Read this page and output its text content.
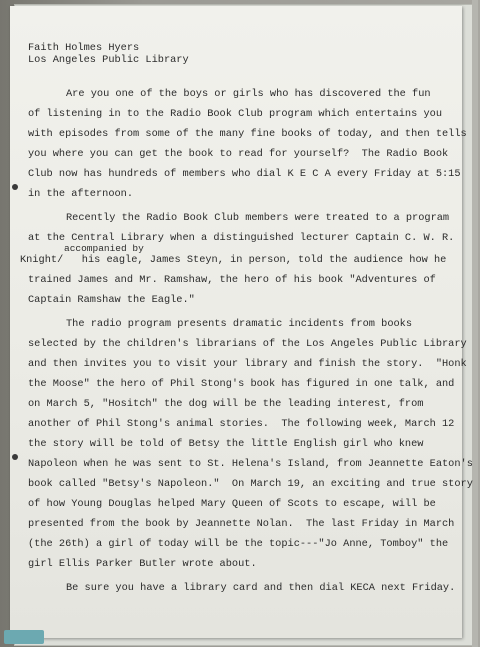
Faith Holmes Hyers
Los Angeles Public Library
Are you one of the boys or girls who has discovered the fun
of listening in to the Radio Book Club program which entertains you
with episodes from some of the many fine books of today, and then tells
you where you can get the book to read for yourself?  The Radio Book
Club now has hundreds of members who dial K E C A every Friday at 5:15
in the afternoon.
Recently the Radio Book Club members were treated to a program
at the Central Library when a distinguished lecturer Captain C. W. R.
accompanied by
Knight/   his eagle, James Steyn, in person, told the audience how he
trained James and Mr. Ramshaw, the hero of his book "Adventures of
Captain Ramshaw the Eagle."
The radio program presents dramatic incidents from books
selected by the children's librarians of the Los Angeles Public Library
and then invites you to visit your library and finish the story.  "Honk
the Moose" the hero of Phil Stong's book has figured in one talk, and
on March 5, "Hositch" the dog will be the leading interest, from
another of Phil Stong's animal stories.  The following week, March 12
the story will be told of Betsy the little English girl who knew
Napoleon when he was sent to St. Helena's Island, from Jeannette Eaton's
book called "Betsy's Napoleon."  On March 19, an exciting and true story
of how Young Douglas helped Mary Queen of Scots to escape, will be
presented from the book by Jeannette Nolan.  The last Friday in March
(the 26th) a girl of today will be the topic---"Jo Anne, Tomboy" the
girl Ellis Parker Butler wrote about.
Be sure you have a library card and then dial KECA next Friday.
